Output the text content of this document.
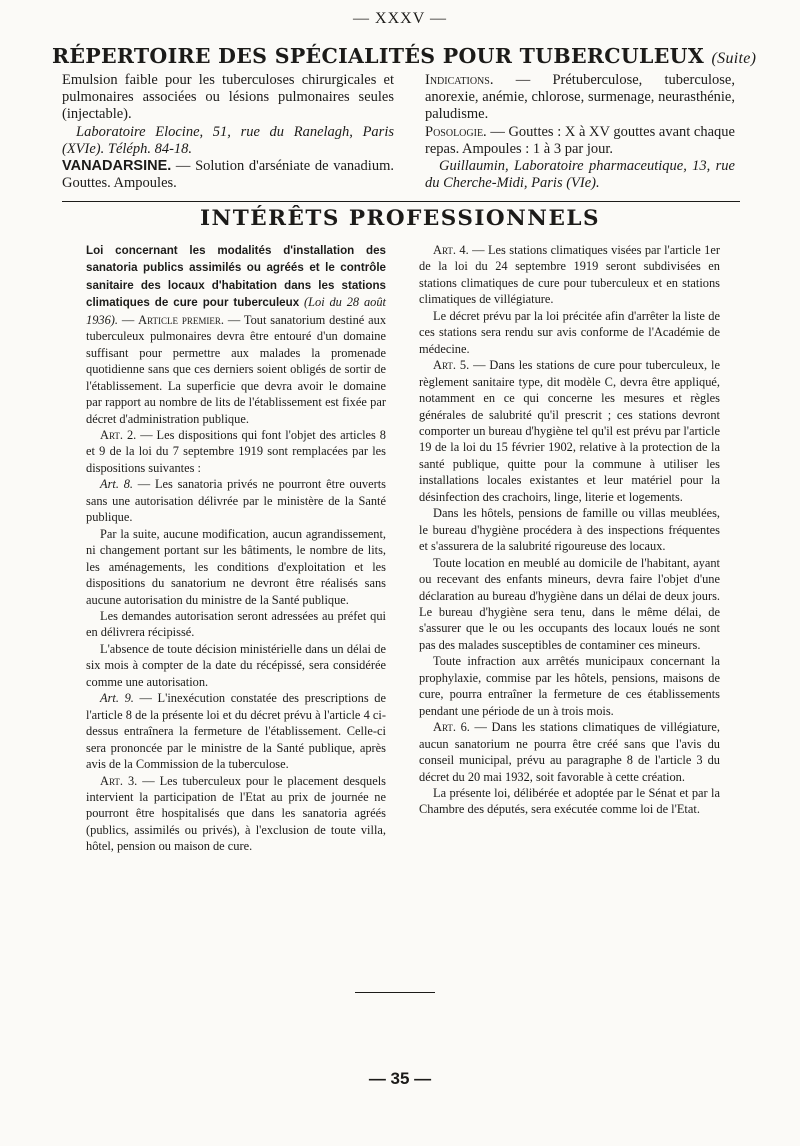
— XXXV —
RÉPERTOIRE DES SPÉCIALITÉS POUR TUBERCULEUX (Suite)

Emulsion faible pour les tuberculoses chirurgicales et pulmonaires associées ou lésions pulmonaires seules (injectable).

Laboratoire Elocine, 51, rue du Ranelagh, Paris (XVIe). Téléph. 84-18.

VANADARSINE. — Solution d'arséniate de vanadium. Gouttes. Ampoules.

Indications. — Prétuberculose, tuberculose, anorexie, anémie, chlorose, surmenage, neurasthénie, paludisme.

Posologie. — Gouttes : X à XV gouttes avant chaque repas. Ampoules : 1 à 3 par jour.

Guillaumin, Laboratoire pharmaceutique, 13, rue du Cherche-Midi, Paris (VIe).

INTÉRÊTS PROFESSIONNELS

Loi concernant les modalités d'installation des sanatoria publics assimilés ou agréés et le contrôle sanitaire des locaux d'habitation dans les stations climatiques de cure pour tuberculeux (Loi du 28 août 1936). — Article premier. — Tout sanatorium destiné aux tuberculeux pulmonaires devra être entouré d'un domaine suffisant pour permettre aux malades la promenade quotidienne sans que ces derniers soient obligés de sortir de l'établissement. La superficie que devra avoir le domaine par rapport au nombre de lits de l'établissement est fixée par décret d'administration publique.

Art. 2. — Les dispositions qui font l'objet des articles 8 et 9 de la loi du 7 septembre 1919 sont remplacées par les dispositions suivantes :

Art. 8. — Les sanatoria privés ne pourront être ouverts sans une autorisation délivrée par le ministère de la Santé publique.

Par la suite, aucune modification, aucun agrandissement, ni changement portant sur les bâtiments, le nombre de lits, les aménagements, les conditions d'exploitation et les dispositions du sanatorium ne devront être réalisés sans aucune autorisation du ministre de la Santé publique.

Les demandes autorisation seront adressées au préfet qui en délivrera récipissé.

L'absence de toute décision ministérielle dans un délai de six mois à compter de la date du récépissé, sera considérée comme une autorisation.

Art. 9. — L'inexécution constatée des prescriptions de l'article 8 de la présente loi et du décret prévu à l'article 4 ci-dessus entraînera la fermeture de l'établissement. Celle-ci sera prononcée par le ministre de la Santé publique, après avis de la Commission de la tuberculose.

Art. 3. — Les tuberculeux pour le placement desquels intervient la participation de l'Etat au prix de journée ne pourront être hospitalisés que dans les sanatoria agréés (publics, assimilés ou privés), à l'exclusion de toute villa, hôtel, pension ou maison de cure.

Art. 4. — Les stations climatiques visées par l'article 1er de la loi du 24 septembre 1919 seront subdivisées en stations climatiques de cure pour tuberculeux et en stations climatiques de villégiature.

Le décret prévu par la loi précitée afin d'arrêter la liste de ces stations sera rendu sur avis conforme de l'Académie de médecine.

Art. 5. — Dans les stations de cure pour tuberculeux, le règlement sanitaire type, dit modèle C, devra être appliqué, notamment en ce qui concerne les mesures et règles générales de salubrité qu'il prescrit ; ces stations devront comporter un bureau d'hygiène tel qu'il est prévu par l'article 19 de la loi du 15 février 1902, relative à la protection de la santé publique, quitte pour la commune à utiliser les installations locales existantes et leur matériel pour la désinfection des crachoirs, linge, literie et logements.

Dans les hôtels, pensions de famille ou villas meublées, le bureau d'hygiène procédera à des inspections fréquentes et s'assurera de la salubrité rigoureuse des locaux.

Toute location en meublé au domicile de l'habitant, ayant ou recevant des enfants mineurs, devra faire l'objet d'une déclaration au bureau d'hygiène dans un délai de deux jours. Le bureau d'hygiène sera tenu, dans le même délai, de s'assurer que le ou les occupants des locaux loués ne sont pas des malades susceptibles de contaminer ces mineurs.

Toute infraction aux arrêtés municipaux concernant la prophylaxie, commise par les hôtels, pensions, maisons de cure, pourra entraîner la fermeture de ces établissements pendant une période de un à trois mois.

Art. 6. — Dans les stations climatiques de villégiature, aucun sanatorium ne pourra être créé sans que l'avis du conseil municipal, prévu au paragraphe 8 de l'article 3 du décret du 20 mai 1932, soit favorable à cette création.

La présente loi, délibérée et adoptée par le Sénat et par la Chambre des députés, sera exécutée comme loi de l'Etat.

— 35 —
